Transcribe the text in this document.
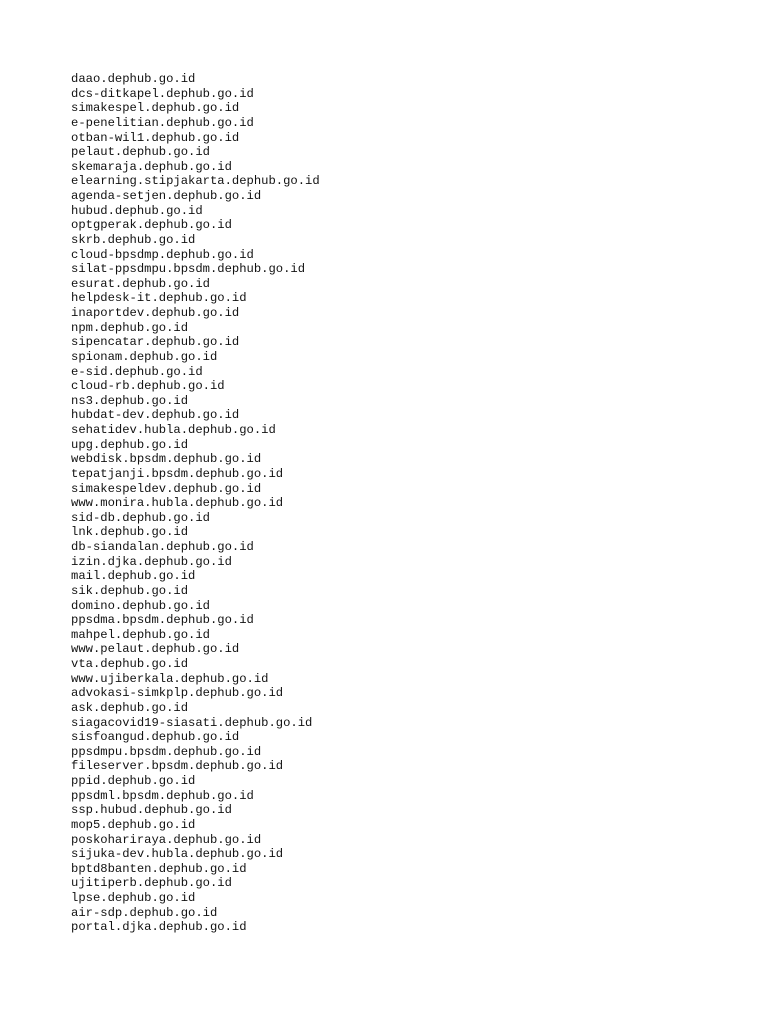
daao.dephub.go.id
dcs-ditkapel.dephub.go.id
simakespel.dephub.go.id
e-penelitian.dephub.go.id
otban-wil1.dephub.go.id
pelaut.dephub.go.id
skemaraja.dephub.go.id
elearning.stipjakarta.dephub.go.id
agenda-setjen.dephub.go.id
hubud.dephub.go.id
optgperak.dephub.go.id
skrb.dephub.go.id
cloud-bpsdmp.dephub.go.id
silat-ppsdmpu.bpsdm.dephub.go.id
esurat.dephub.go.id
helpdesk-it.dephub.go.id
inaportdev.dephub.go.id
npm.dephub.go.id
sipencatar.dephub.go.id
spionam.dephub.go.id
e-sid.dephub.go.id
cloud-rb.dephub.go.id
ns3.dephub.go.id
hubdat-dev.dephub.go.id
sehatidev.hubla.dephub.go.id
upg.dephub.go.id
webdisk.bpsdm.dephub.go.id
tepatjanji.bpsdm.dephub.go.id
simakespeldev.dephub.go.id
www.monira.hubla.dephub.go.id
sid-db.dephub.go.id
lnk.dephub.go.id
db-siandalan.dephub.go.id
izin.djka.dephub.go.id
mail.dephub.go.id
sik.dephub.go.id
domino.dephub.go.id
ppsdma.bpsdm.dephub.go.id
mahpel.dephub.go.id
www.pelaut.dephub.go.id
vta.dephub.go.id
www.ujiberkala.dephub.go.id
advokasi-simkplp.dephub.go.id
ask.dephub.go.id
siagacovid19-siasati.dephub.go.id
sisfoangud.dephub.go.id
ppsdmpu.bpsdm.dephub.go.id
fileserver.bpsdm.dephub.go.id
ppid.dephub.go.id
ppsdml.bpsdm.dephub.go.id
ssp.hubud.dephub.go.id
mop5.dephub.go.id
poskohariraya.dephub.go.id
sijuka-dev.hubla.dephub.go.id
bptd8banten.dephub.go.id
ujitiperb.dephub.go.id
lpse.dephub.go.id
air-sdp.dephub.go.id
portal.djka.dephub.go.id
